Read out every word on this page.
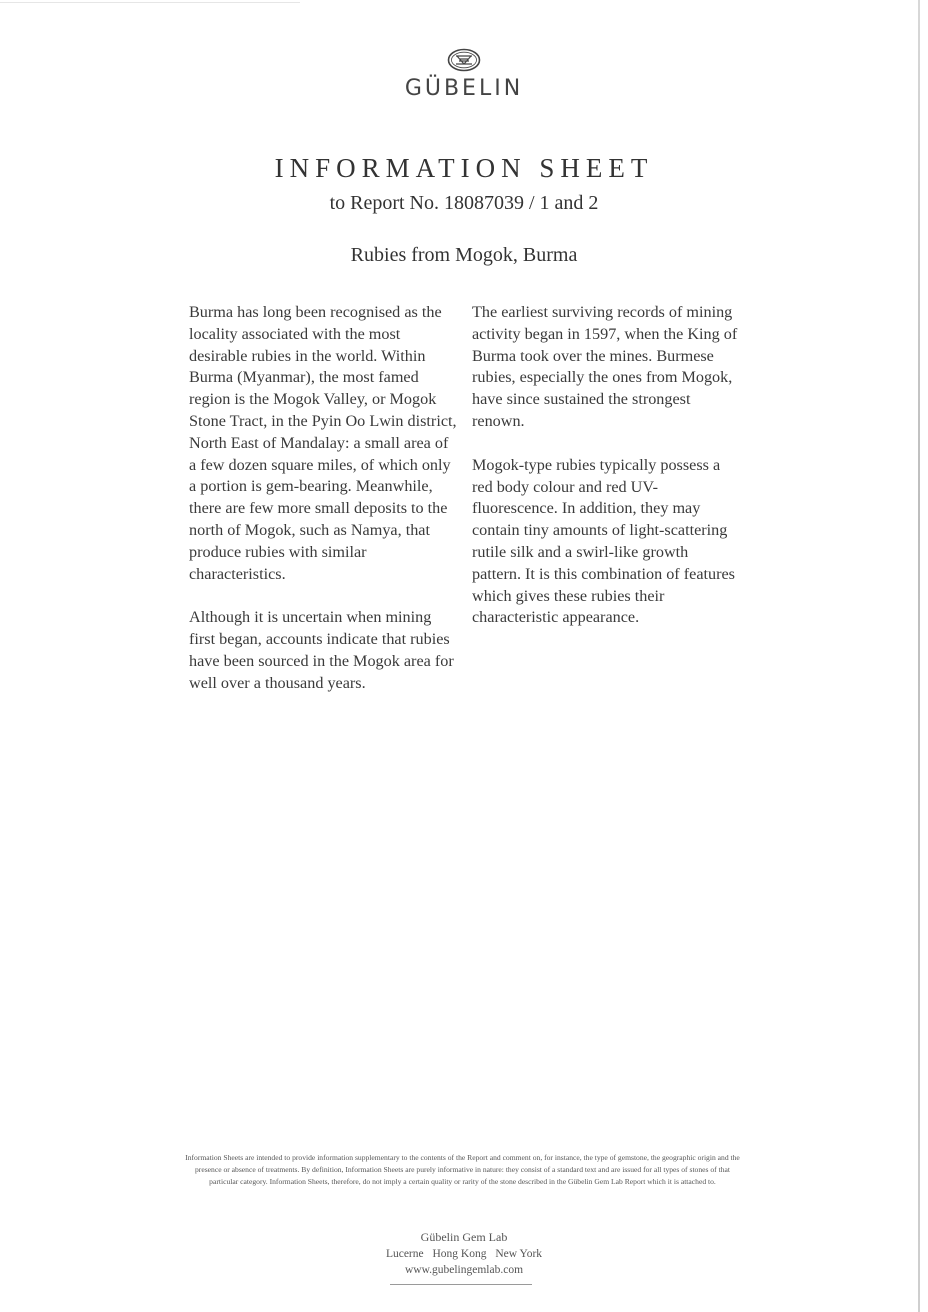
GÜBELIN
INFORMATION SHEET
to Report No. 18087039 / 1 and 2
Rubies from Mogok, Burma

Burma has long been recognised as the locality associated with the most desirable rubies in the world. Within Burma (Myanmar), the most famed region is the Mogok Valley, or Mogok Stone Tract, in the Pyin Oo Lwin district, North East of Mandalay: a small area of a few dozen square miles, of which only a portion is gem-bearing. Meanwhile, there are few more small deposits to the north of Mogok, such as Namya, that produce rubies with similar characteristics.

Although it is uncertain when mining first began, accounts indicate that rubies have been sourced in the Mogok area for well over a thousand years.

The earliest surviving records of mining activity began in 1597, when the King of Burma took over the mines. Burmese rubies, especially the ones from Mogok, have since sustained the strongest renown.

Mogok-type rubies typically possess a red body colour and red UV-fluorescence. In addition, they may contain tiny amounts of light-scattering rutile silk and a swirl-like growth pattern. It is this combination of features which gives these rubies their characteristic appearance.

Information Sheets are intended to provide information supplementary to the contents of the Report and comment on, for instance, the type of gemstone, the geographic origin and the presence or absence of treatments. By definition, Information Sheets are purely informative in nature: they consist of a standard text and are issued for all types of stones of that particular category. Information Sheets, therefore, do not imply a certain quality or rarity of the stone described in the Gübelin Gem Lab Report which it is attached to.
Gübelin Gem Lab
Lucerne Hong Kong New York
www.gubelingemlab.com
